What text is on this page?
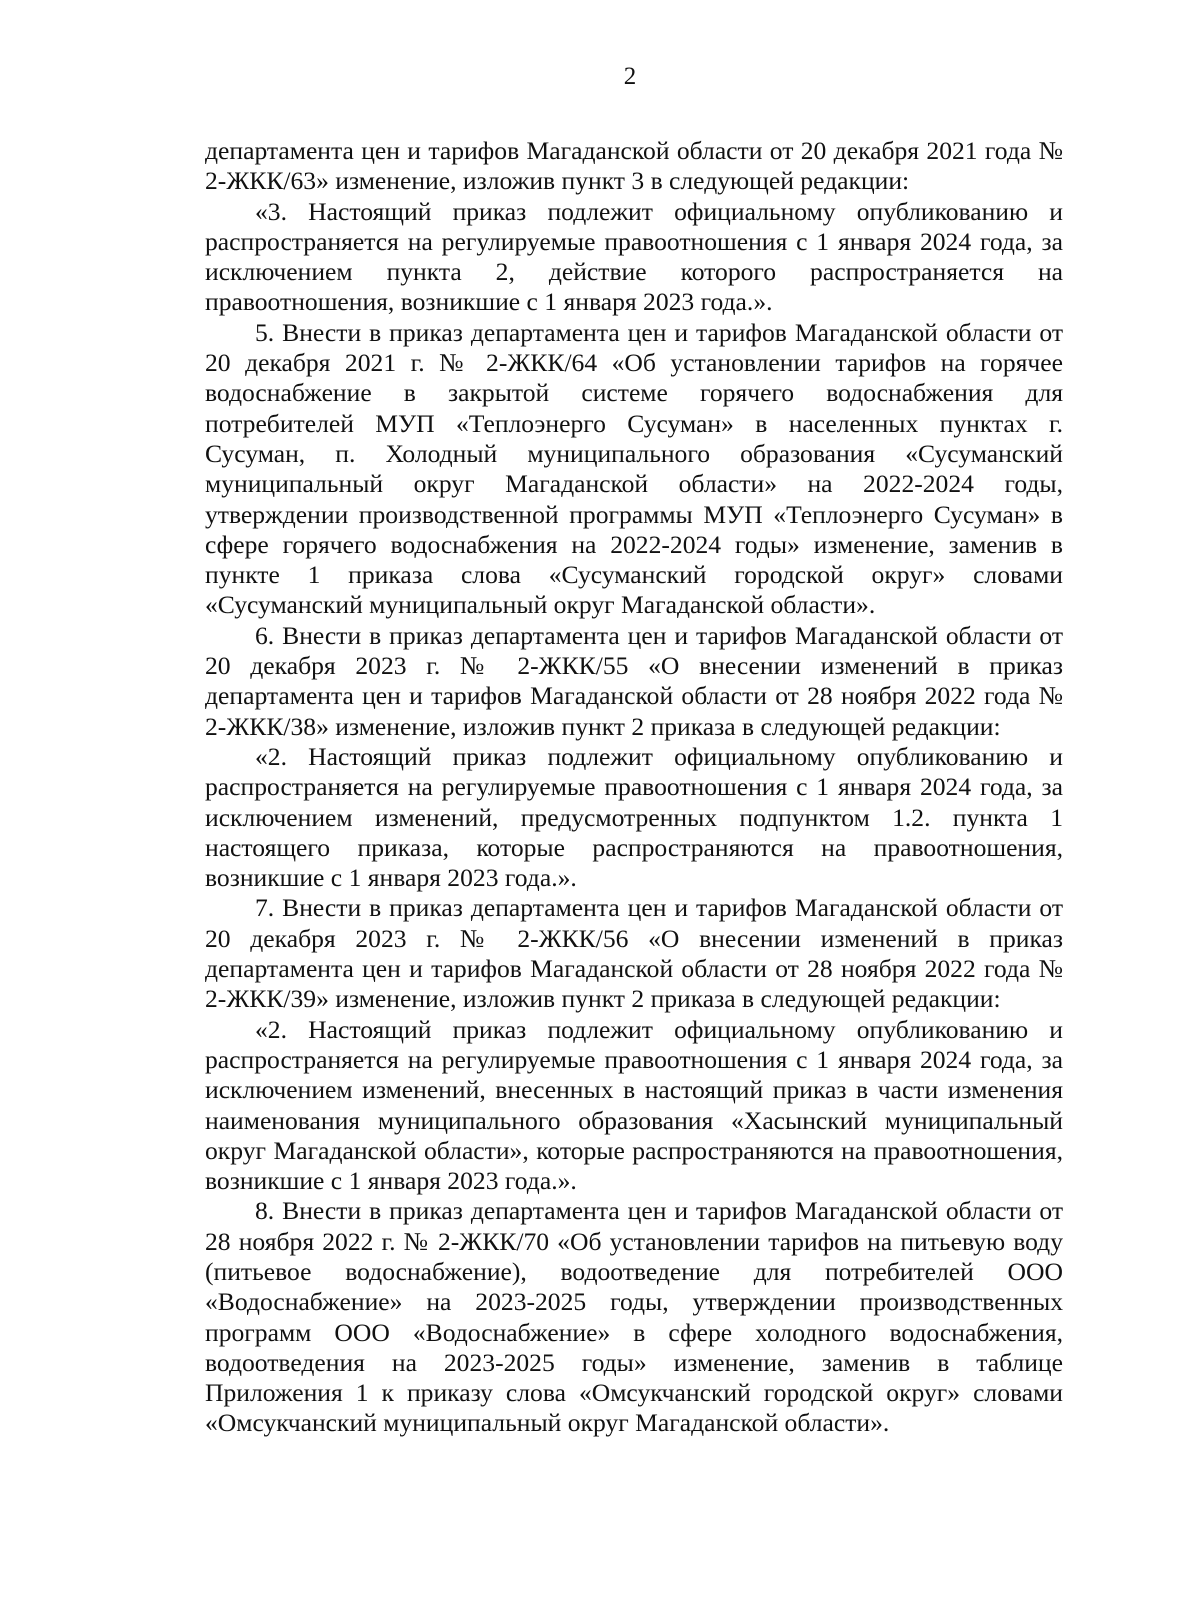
2

департамента цен и тарифов Магаданской области от 20 декабря 2021 года № 2-ЖКК/63» изменение, изложив пункт 3 в следующей редакции:

«3. Настоящий приказ подлежит официальному опубликованию и распространяется на регулируемые правоотношения с 1 января 2024 года, за исключением пункта 2, действие которого распространяется на правоотношения, возникшие с 1 января 2023 года.».

5. Внести в приказ департамента цен и тарифов Магаданской области от 20 декабря 2021 г. № 2-ЖКК/64 «Об установлении тарифов на горячее водоснабжение в закрытой системе горячего водоснабжения для потребителей МУП «Теплоэнерго Сусуман» в населенных пунктах г. Сусуман, п. Холодный муниципального образования «Сусуманский муниципальный округ Магаданской области» на 2022-2024 годы, утверждении производственной программы МУП «Теплоэнерго Сусуман» в сфере горячего водоснабжения на 2022-2024 годы» изменение, заменив в пункте 1 приказа слова «Сусуманский городской округ» словами «Сусуманский муниципальный округ Магаданской области».

6. Внести в приказ департамента цен и тарифов Магаданской области от 20 декабря 2023 г. № 2-ЖКК/55 «О внесении изменений в приказ департамента цен и тарифов Магаданской области от 28 ноября 2022 года № 2-ЖКК/38» изменение, изложив пункт 2 приказа в следующей редакции:

«2. Настоящий приказ подлежит официальному опубликованию и распространяется на регулируемые правоотношения с 1 января 2024 года, за исключением изменений, предусмотренных подпунктом 1.2. пункта 1 настоящего приказа, которые распространяются на правоотношения, возникшие с 1 января 2023 года.».

7. Внести в приказ департамента цен и тарифов Магаданской области от 20 декабря 2023 г. № 2-ЖКК/56 «О внесении изменений в приказ департамента цен и тарифов Магаданской области от 28 ноября 2022 года № 2-ЖКК/39» изменение, изложив пункт 2 приказа в следующей редакции:

«2. Настоящий приказ подлежит официальному опубликованию и распространяется на регулируемые правоотношения с 1 января 2024 года, за исключением изменений, внесенных в настоящий приказ в части изменения наименования муниципального образования «Хасынский муниципальный округ Магаданской области», которые распространяются на правоотношения, возникшие с 1 января 2023 года.».

8. Внести в приказ департамента цен и тарифов Магаданской области от 28 ноября 2022 г. № 2-ЖКК/70 «Об установлении тарифов на питьевую воду (питьевое водоснабжение), водоотведение для потребителей ООО «Водоснабжение» на 2023-2025 годы, утверждении производственных программ ООО «Водоснабжение» в сфере холодного водоснабжения, водоотведения на 2023-2025 годы» изменение, заменив в таблице Приложения 1 к приказу слова «Омсукчанский городской округ» словами «Омсукчанский муниципальный округ Магаданской области».
